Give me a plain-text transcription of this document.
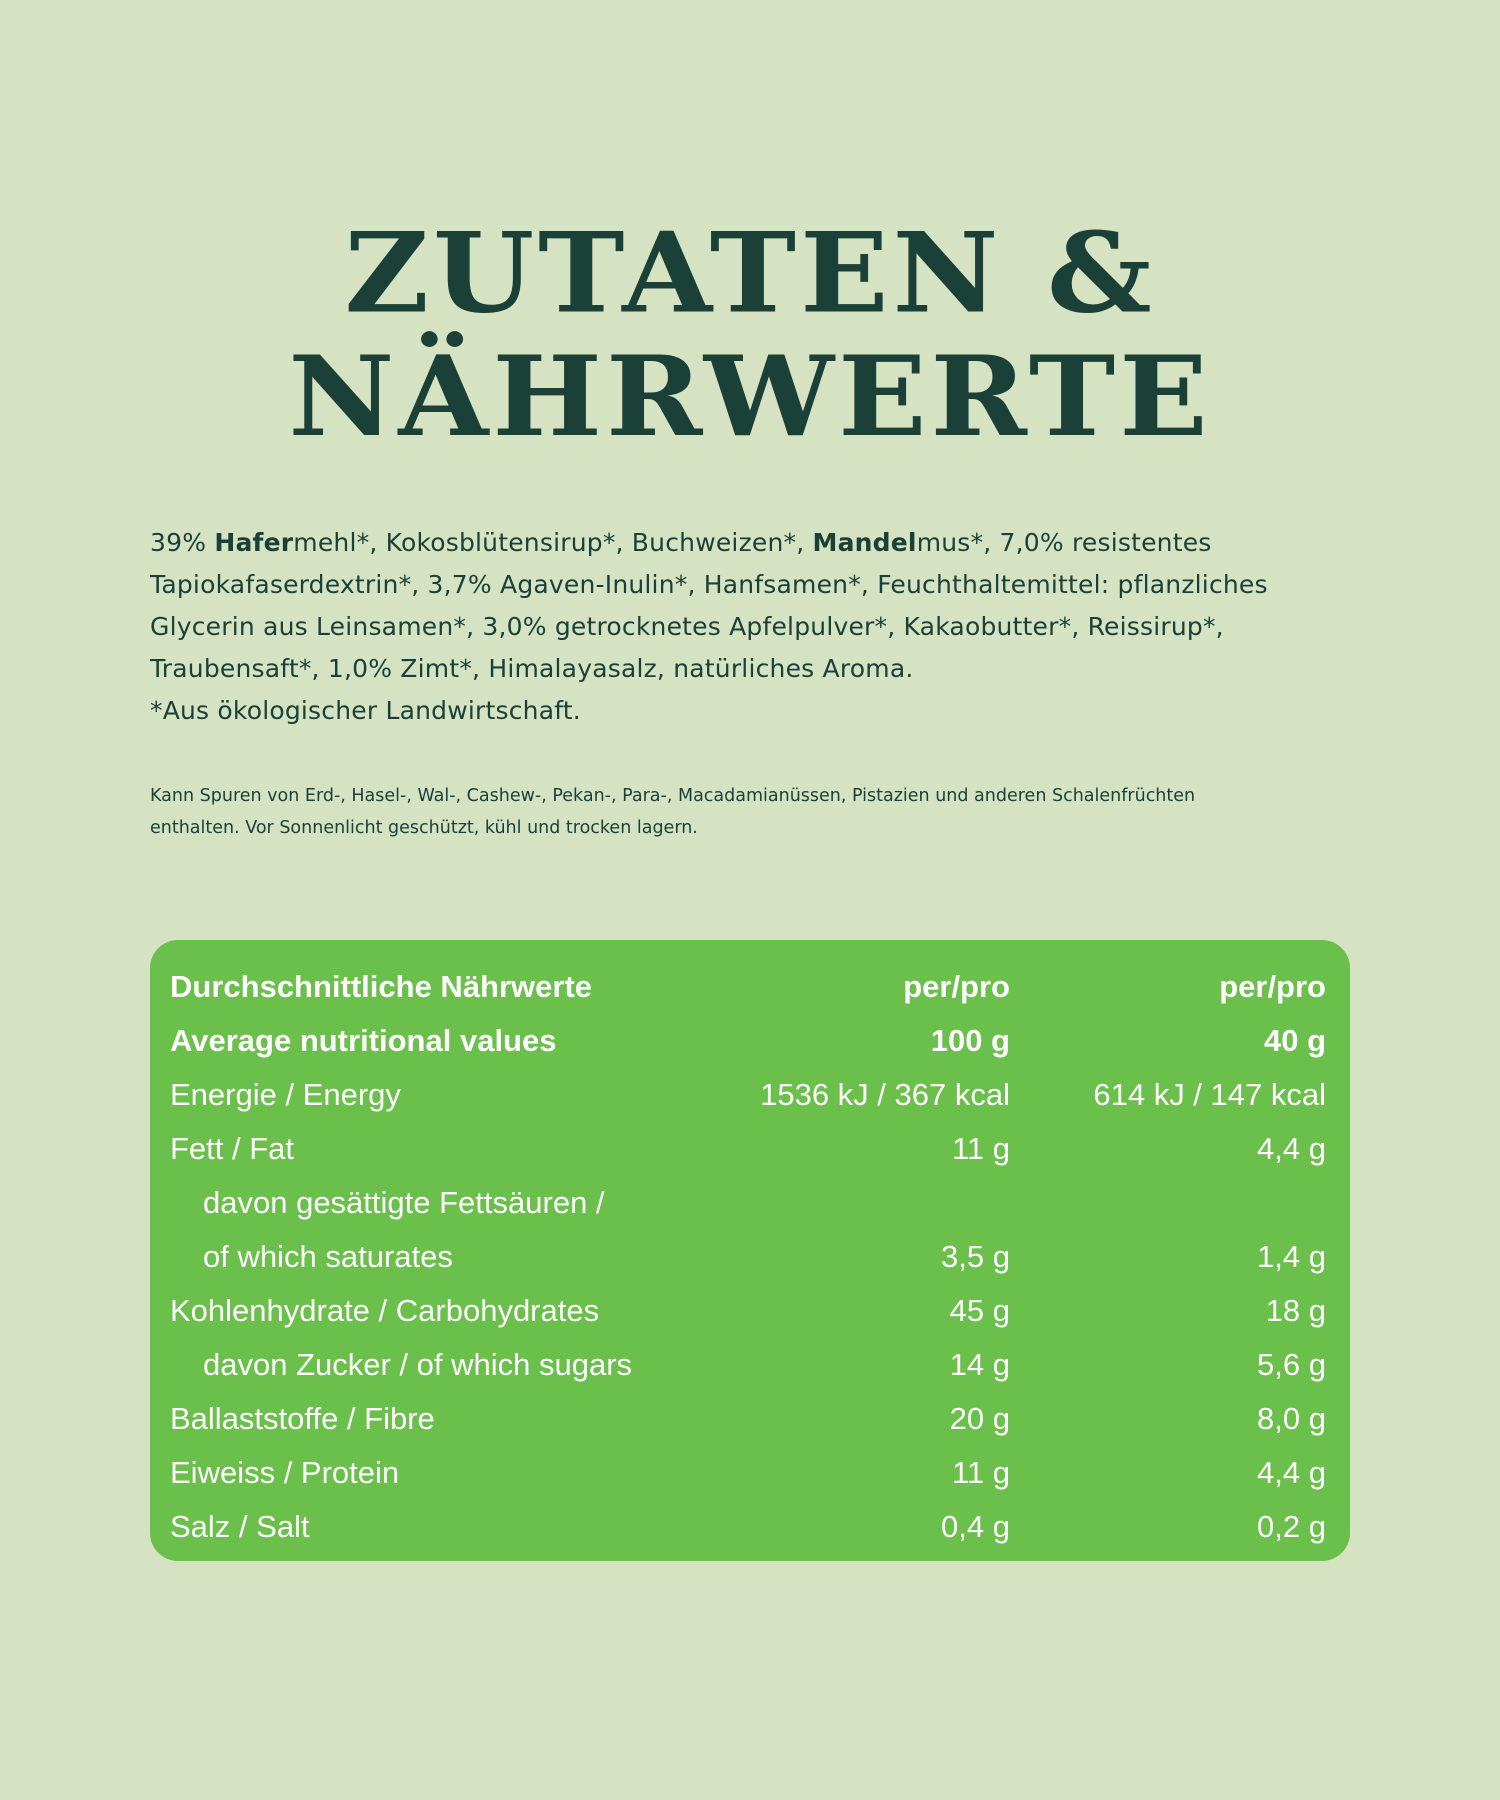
ZUTATEN &
NÄHRWERTE

39% Hafermehl*, Kokosblütensirup*, Buchweizen*, Mandelmus*, 7,0% resistentes
Tapiokafaserdextrin*, 3,7% Agaven-Inulin*, Hanfsamen*, Feuchthaltemittel: pflanzliches
Glycerin aus Leinsamen*, 3,0% getrocknetes Apfelpulver*, Kakaobutter*, Reissirup*,
Traubensaft*, 1,0% Zimt*, Himalayasalz, natürliches Aroma.
*Aus ökologischer Landwirtschaft.

Kann Spuren von Erd-, Hasel-, Wal-, Cashew-, Pekan-, Para-, Macadamianüssen, Pistazien und anderen Schalenfrüchten
enthalten. Vor Sonnenlicht geschützt, kühl und trocken lagern.

Durchschnittliche Nährwerte	per/pro	per/pro
Average nutritional values	100 g	40 g
Energie / Energy	1536 kJ / 367 kcal	614 kJ / 147 kcal
Fett / Fat	11 g	4,4 g
davon gesättigte Fettsäuren /		
of which saturates	3,5 g	1,4 g
Kohlenhydrate / Carbohydrates	45 g	18 g
davon Zucker / of which sugars	14 g	5,6 g
Ballaststoffe / Fibre	20 g	8,0 g
Eiweiss / Protein	11 g	4,4 g
Salz / Salt	0,4 g	0,2 g
